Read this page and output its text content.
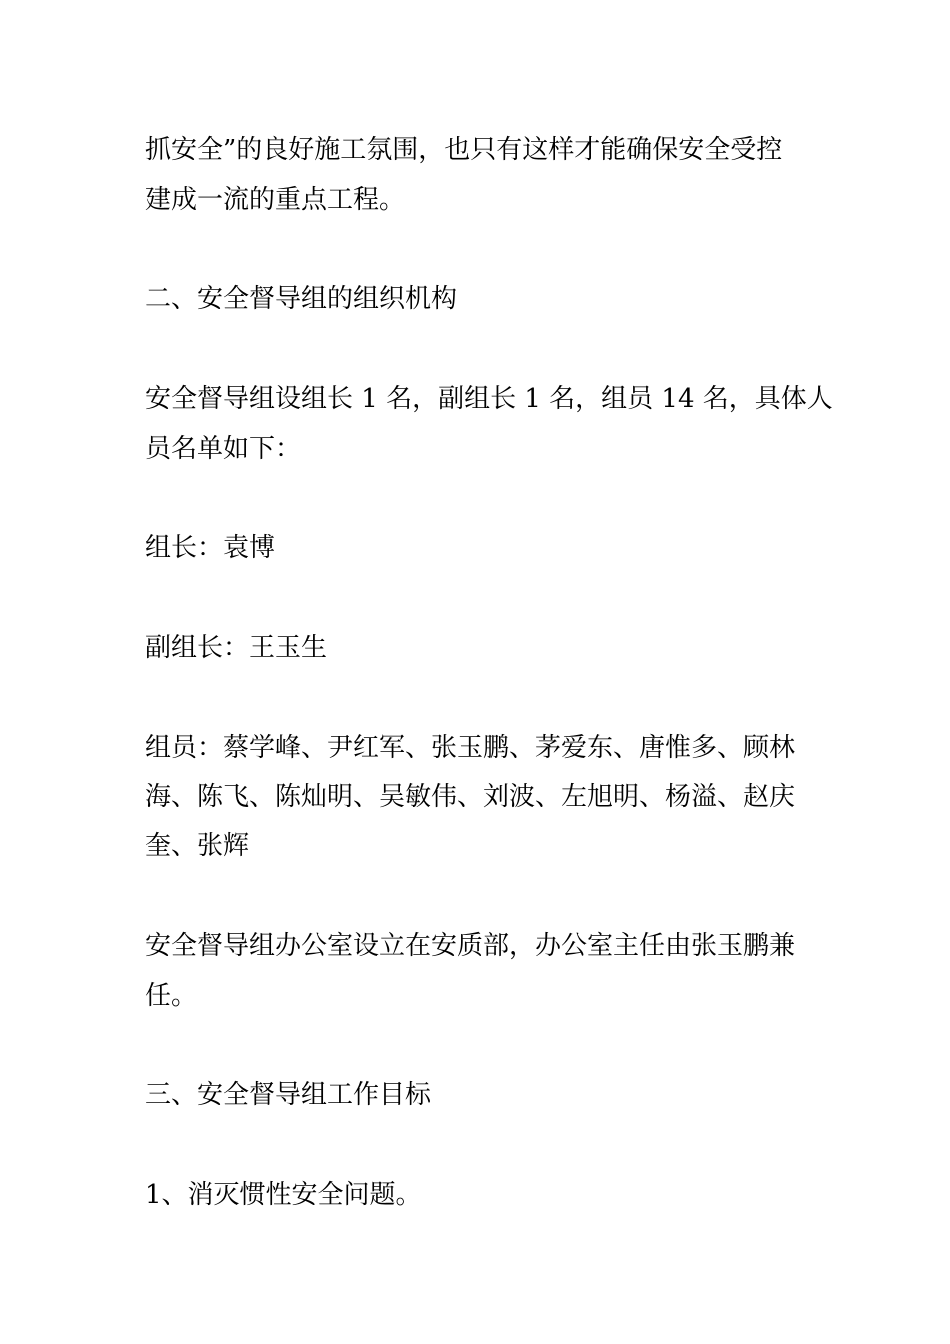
抓安全”的良好施工氛围，也只有这样才能确保安全受控
建成一流的重点工程。
二、安全督导组的组织机构
安全督导组设组长 1 名，副组长 1 名，组员 14 名，具体人
员名单如下：
组长：袁博
副组长：王玉生
组员：蔡学峰、尹红军、张玉鹏、茅爱东、唐惟多、顾林
海、陈飞、陈灿明、吴敏伟、刘波、左旭明、杨溢、赵庆
奎、张辉
安全督导组办公室设立在安质部，办公室主任由张玉鹏兼
任。
三、安全督导组工作目标
1、消灭惯性安全问题。
